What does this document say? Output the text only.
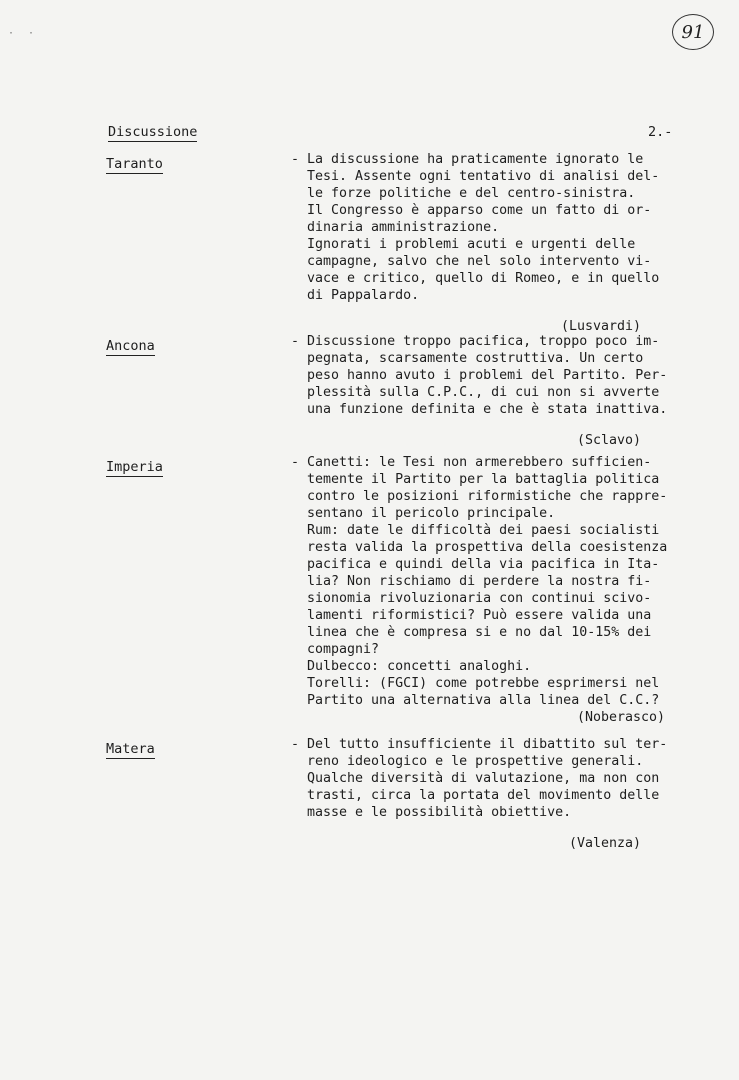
· ·	91
Discussione	2.-
Taranto	- La discussione ha praticamente ignorato le
Tesi. Assente ogni tentativo di analisi del-
le forze politiche e del centro-sinistra.
Il Congresso è apparso come un fatto di or-
dinaria amministrazione.
Ignorati i problemi acuti e urgenti delle
campagne, salvo che nel solo intervento vi-
vace e critico, quello di Romeo, e in quello
di Pappalardo.
(Lusvardi)
Ancona	- Discussione troppo pacifica, troppo poco im-
pegnata, scarsamente costruttiva. Un certo
peso hanno avuto i problemi del Partito. Per-
plessità sulla C.P.C., di cui non si avverte
una funzione definita e che è stata inattiva.
(Sclavo)
Imperia	- Canetti: le Tesi non armerebbero sufficien-
temente il Partito per la battaglia politica
contro le posizioni riformistiche che rappre-
sentano il pericolo principale.
Rum: date le difficoltà dei paesi socialisti
resta valida la prospettiva della coesistenza
pacifica e quindi della via pacifica in Ita-
lia? Non rischiamo di perdere la nostra fi-
sionomia rivoluzionaria con continui scivo-
lamenti riformistici? Può essere valida una
linea che è compresa si e no dal 10-15% dei
compagni?
Dulbecco: concetti analoghi.
Torelli: (FGCI) come potrebbe esprimersi nel
Partito una alternativa alla linea del C.C.?
(Noberasco)
Matera	- Del tutto insufficiente il dibattito sul ter-
reno ideologico e le prospettive generali.
Qualche diversità di valutazione, ma non con
trasti, circa la portata del movimento delle
masse e le possibilità obiettive.
(Valenza)
